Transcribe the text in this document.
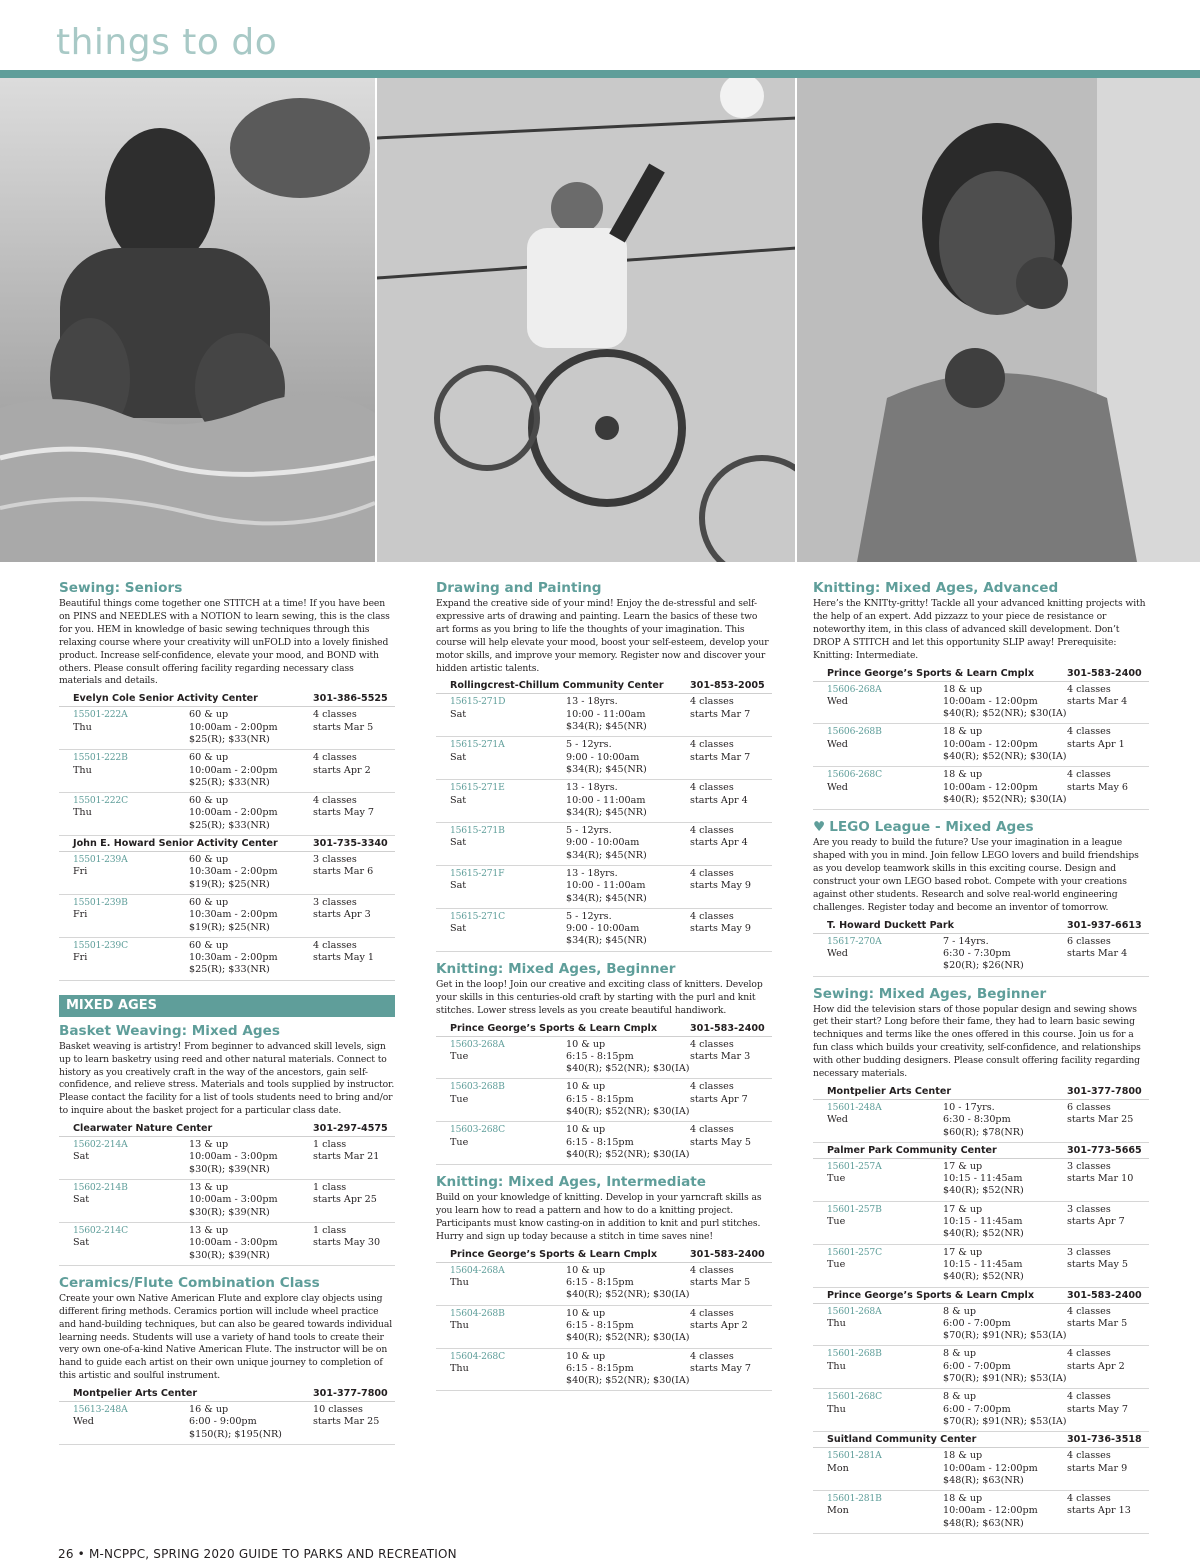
things to do
Sewing: Seniors
Beautiful things come together one STITCH at a time! If you have been on PINS and NEEDLES with a NOTION to learn sewing, this is the class for you. HEM in knowledge of basic sewing techniques through this relaxing course where your creativity will unFOLD into a lovely finished product. Increase self-confidence, elevate your mood, and BOND with others. Please consult offering facility regarding necessary class materials and details.
Evelyn Cole Senior Activity Center	301-386-5525
15501-222A	60 & up	4 classes
Thu	10:00am - 2:00pm	starts Mar 5
$25(R); $33(NR)
15501-222B	60 & up	4 classes
Thu	10:00am - 2:00pm	starts Apr 2
$25(R); $33(NR)
15501-222C	60 & up	4 classes
Thu	10:00am - 2:00pm	starts May 7
$25(R); $33(NR)
John E. Howard Senior Activity Center	301-735-3340
15501-239A	60 & up	3 classes
Fri	10:30am - 2:00pm	starts Mar 6
$19(R); $25(NR)
15501-239B	60 & up	3 classes
Fri	10:30am - 2:00pm	starts Apr 3
$19(R); $25(NR)
15501-239C	60 & up	4 classes
Fri	10:30am - 2:00pm	starts May 1
$25(R); $33(NR)
MIXED AGES
Basket Weaving: Mixed Ages
Basket weaving is artistry! From beginner to advanced skill levels, sign up to learn basketry using reed and other natural materials. Connect to history as you creatively craft in the way of the ancestors, gain self-confidence, and relieve stress. Materials and tools supplied by instructor. Please contact the facility for a list of tools students need to bring and/or to inquire about the basket project for a particular class date.
Clearwater Nature Center	301-297-4575
15602-214A	13 & up	1 class
Sat	10:00am - 3:00pm	starts Mar 21
$30(R); $39(NR)
15602-214B	13 & up	1 class
Sat	10:00am - 3:00pm	starts Apr 25
$30(R); $39(NR)
15602-214C	13 & up	1 class
Sat	10:00am - 3:00pm	starts May 30
$30(R); $39(NR)
Ceramics/Flute Combination Class
Create your own Native American Flute and explore clay objects using different firing methods. Ceramics portion will include wheel practice and hand-building techniques, but can also be geared towards individual learning needs. Students will use a variety of hand tools to create their very own one-of-a-kind Native American Flute. The instructor will be on hand to guide each artist on their own unique journey to completion of this artistic and soulful instrument.
Montpelier Arts Center	301-377-7800
15613-248A	16 & up	10 classes
Wed	6:00 - 9:00pm	starts Mar 25
$150(R); $195(NR)
Drawing and Painting
Expand the creative side of your mind! Enjoy the de-stressful and self-expressive arts of drawing and painting. Learn the basics of these two art forms as you bring to life the thoughts of your imagination. This course will help elevate your mood, boost your self-esteem, develop your motor skills, and improve your memory. Register now and discover your hidden artistic talents.
Rollingcrest-Chillum Community Center	301-853-2005
15615-271D	13 - 18yrs.	4 classes
Sat	10:00 - 11:00am	starts Mar 7
$34(R); $45(NR)
15615-271A	5 - 12yrs.	4 classes
Sat	9:00 - 10:00am	starts Mar 7
$34(R); $45(NR)
15615-271E	13 - 18yrs.	4 classes
Sat	10:00 - 11:00am	starts Apr 4
$34(R); $45(NR)
15615-271B	5 - 12yrs.	4 classes
Sat	9:00 - 10:00am	starts Apr 4
$34(R); $45(NR)
15615-271F	13 - 18yrs.	4 classes
Sat	10:00 - 11:00am	starts May 9
$34(R); $45(NR)
15615-271C	5 - 12yrs.	4 classes
Sat	9:00 - 10:00am	starts May 9
$34(R); $45(NR)
Knitting: Mixed Ages, Beginner
Get in the loop! Join our creative and exciting class of knitters. Develop your skills in this centuries-old craft by starting with the purl and knit stitches. Lower stress levels as you create beautiful handiwork.
Prince George’s Sports & Learn Cmplx	301-583-2400
15603-268A	10 & up	4 classes
Tue	6:15 - 8:15pm	starts Mar 3
$40(R); $52(NR); $30(IA)
15603-268B	10 & up	4 classes
Tue	6:15 - 8:15pm	starts Apr 7
$40(R); $52(NR); $30(IA)
15603-268C	10 & up	4 classes
Tue	6:15 - 8:15pm	starts May 5
$40(R); $52(NR); $30(IA)
Knitting: Mixed Ages, Intermediate
Build on your knowledge of knitting. Develop in your yarncraft skills as you learn how to read a pattern and how to do a knitting project. Participants must know casting-on in addition to knit and purl stitches. Hurry and sign up today because a stitch in time saves nine!
Prince George’s Sports & Learn Cmplx	301-583-2400
15604-268A	10 & up	4 classes
Thu	6:15 - 8:15pm	starts Mar 5
$40(R); $52(NR); $30(IA)
15604-268B	10 & up	4 classes
Thu	6:15 - 8:15pm	starts Apr 2
$40(R); $52(NR); $30(IA)
15604-268C	10 & up	4 classes
Thu	6:15 - 8:15pm	starts May 7
$40(R); $52(NR); $30(IA)
Knitting: Mixed Ages, Advanced
Here’s the KNITty-gritty! Tackle all your advanced knitting projects with the help of an expert. Add pizzazz to your piece de resistance or noteworthy item, in this class of advanced skill development. Don’t DROP A STITCH and let this opportunity SLIP away! Prerequisite: Knitting: Intermediate.
Prince George’s Sports & Learn Cmplx	301-583-2400
15606-268A	18 & up	4 classes
Wed	10:00am - 12:00pm	starts Mar 4
$40(R); $52(NR); $30(IA)
15606-268B	18 & up	4 classes
Wed	10:00am - 12:00pm	starts Apr 1
$40(R); $52(NR); $30(IA)
15606-268C	18 & up	4 classes
Wed	10:00am - 12:00pm	starts May 6
$40(R); $52(NR); $30(IA)
♥ LEGO League - Mixed Ages
Are you ready to build the future? Use your imagination in a league shaped with you in mind. Join fellow LEGO lovers and build friendships as you develop teamwork skills in this exciting course. Design and construct your own LEGO based robot. Compete with your creations against other students. Research and solve real-world engineering challenges. Register today and become an inventor of tomorrow.
T. Howard Duckett Park	301-937-6613
15617-270A	7 - 14yrs.	6 classes
Wed	6:30 - 7:30pm	starts Mar 4
$20(R); $26(NR)
Sewing: Mixed Ages, Beginner
How did the television stars of those popular design and sewing shows get their start? Long before their fame, they had to learn basic sewing techniques and terms like the ones offered in this course. Join us for a fun class which builds your creativity, self-confidence, and relationships with other budding designers. Please consult offering facility regarding necessary materials.
Montpelier Arts Center	301-377-7800
15601-248A	10 - 17yrs.	6 classes
Wed	6:30 - 8:30pm	starts Mar 25
$60(R); $78(NR)
Palmer Park Community Center	301-773-5665
15601-257A	17 & up	3 classes
Tue	10:15 - 11:45am	starts Mar 10
$40(R); $52(NR)
15601-257B	17 & up	3 classes
Tue	10:15 - 11:45am	starts Apr 7
$40(R); $52(NR)
15601-257C	17 & up	3 classes
Tue	10:15 - 11:45am	starts May 5
$40(R); $52(NR)
Prince George’s Sports & Learn Cmplx	301-583-2400
15601-268A	8 & up	4 classes
Thu	6:00 - 7:00pm	starts Mar 5
$70(R); $91(NR); $53(IA)
15601-268B	8 & up	4 classes
Thu	6:00 - 7:00pm	starts Apr 2
$70(R); $91(NR); $53(IA)
15601-268C	8 & up	4 classes
Thu	6:00 - 7:00pm	starts May 7
$70(R); $91(NR); $53(IA)
Suitland Community Center	301-736-3518
15601-281A	18 & up	4 classes
Mon	10:00am - 12:00pm	starts Mar 9
$48(R); $63(NR)
15601-281B	18 & up	4 classes
Mon	10:00am - 12:00pm	starts Apr 13
$48(R); $63(NR)
26 • M-NCPPC, SPRING 2020 GUIDE TO PARKS AND RECREATION
